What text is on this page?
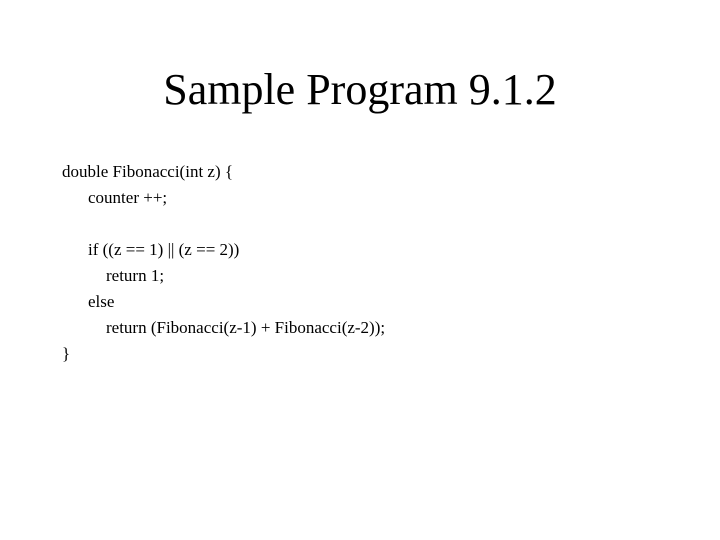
Sample Program 9.1.2
double Fibonacci(int z) {
counter ++;
if ((z == 1) || (z == 2))
return 1;
else
return (Fibonacci(z-1) + Fibonacci(z-2));
}
